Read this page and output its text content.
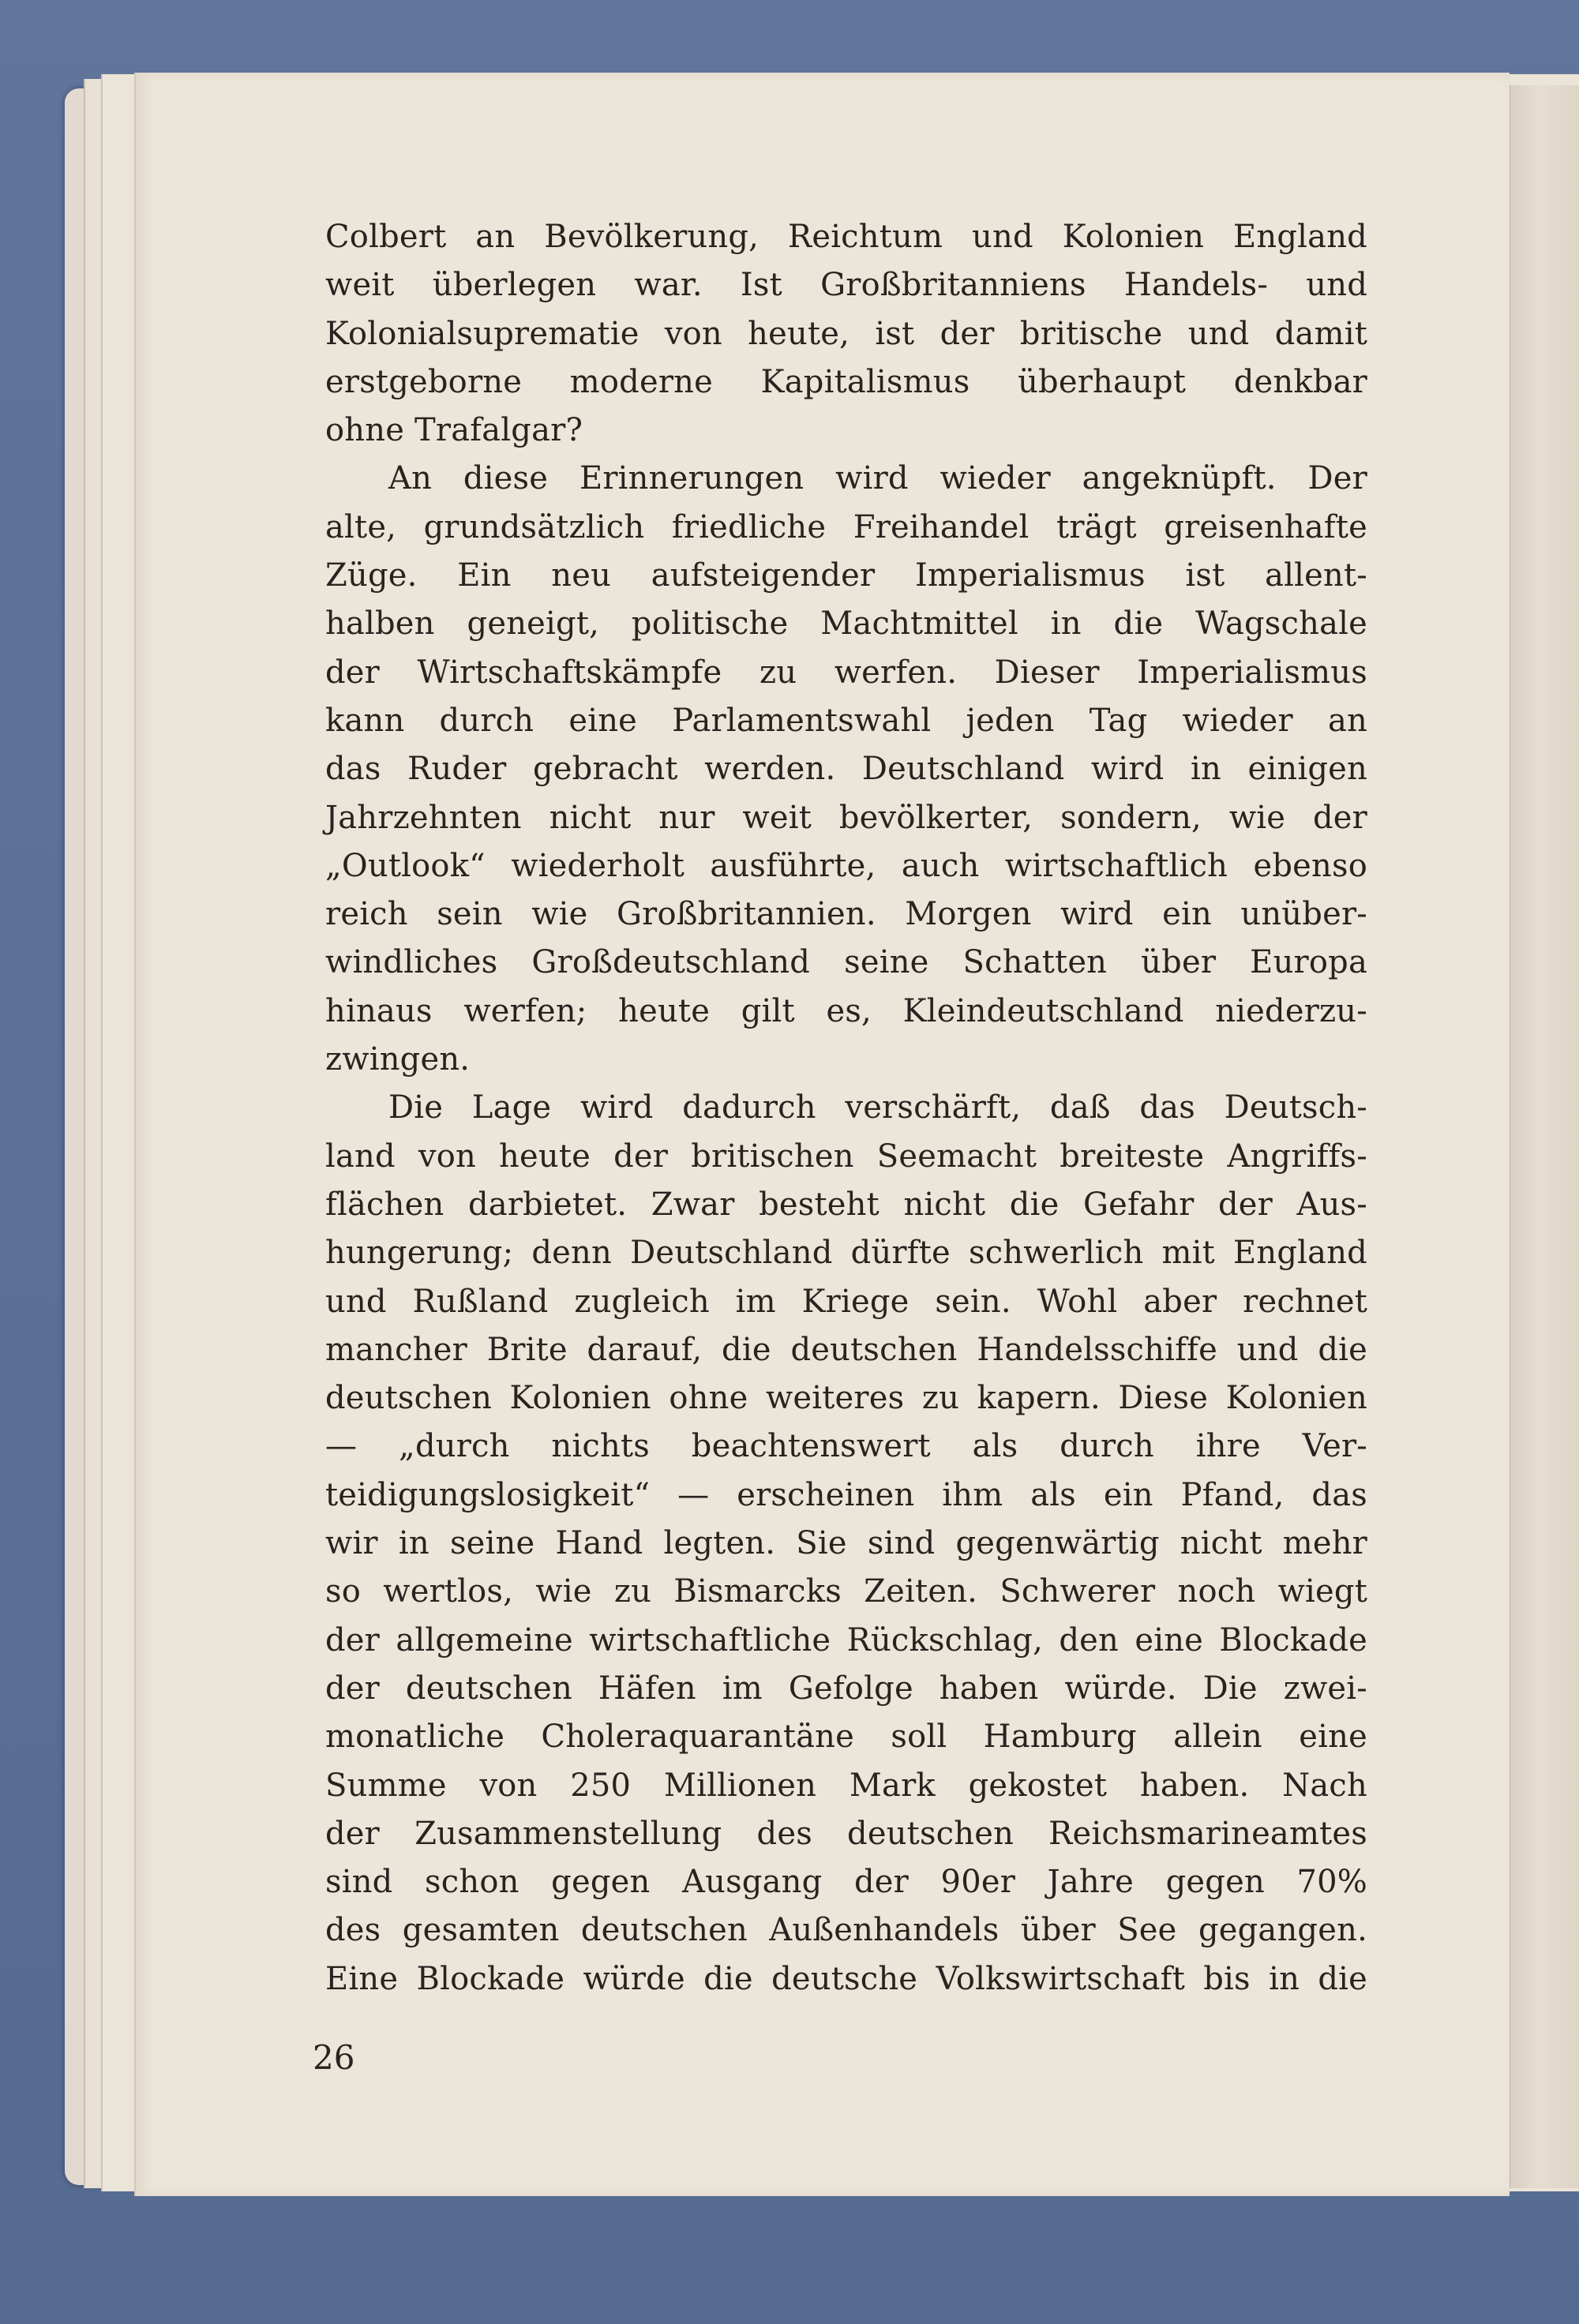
Colbert an Bevölkerung, Reichtum und Kolonien England
weit überlegen war. Ist Großbritanniens Handels- und
Kolonialsuprematie von heute, ist der britische und damit
erstgeborne moderne Kapitalismus überhaupt denkbar
ohne Trafalgar?
An diese Erinnerungen wird wieder angeknüpft. Der
alte, grundsätzlich friedliche Freihandel trägt greisenhafte
Züge. Ein neu aufsteigender Imperialismus ist allent-
halben geneigt, politische Machtmittel in die Wagschale
der Wirtschaftskämpfe zu werfen. Dieser Imperialismus
kann durch eine Parlamentswahl jeden Tag wieder an
das Ruder gebracht werden. Deutschland wird in einigen
Jahrzehnten nicht nur weit bevölkerter, sondern, wie der
„Outlook“ wiederholt ausführte, auch wirtschaftlich ebenso
reich sein wie Großbritannien. Morgen wird ein unüber-
windliches Großdeutschland seine Schatten über Europa
hinaus werfen; heute gilt es, Kleindeutschland niederzu-
zwingen.
Die Lage wird dadurch verschärft, daß das Deutsch-
land von heute der britischen Seemacht breiteste Angriffs-
flächen darbietet. Zwar besteht nicht die Gefahr der Aus-
hungerung; denn Deutschland dürfte schwerlich mit England
und Rußland zugleich im Kriege sein. Wohl aber rechnet
mancher Brite darauf, die deutschen Handelsschiffe und die
deutschen Kolonien ohne weiteres zu kapern. Diese Kolonien
— „durch nichts beachtenswert als durch ihre Ver-
teidigungslosigkeit“ — erscheinen ihm als ein Pfand, das
wir in seine Hand legten. Sie sind gegenwärtig nicht mehr
so wertlos, wie zu Bismarcks Zeiten. Schwerer noch wiegt
der allgemeine wirtschaftliche Rückschlag, den eine Blockade
der deutschen Häfen im Gefolge haben würde. Die zwei-
monatliche Choleraquarantäne soll Hamburg allein eine
Summe von 250 Millionen Mark gekostet haben. Nach
der Zusammenstellung des deutschen Reichsmarineamtes
sind schon gegen Ausgang der 90er Jahre gegen 70%
des gesamten deutschen Außenhandels über See gegangen.
Eine Blockade würde die deutsche Volkswirtschaft bis in die
26
